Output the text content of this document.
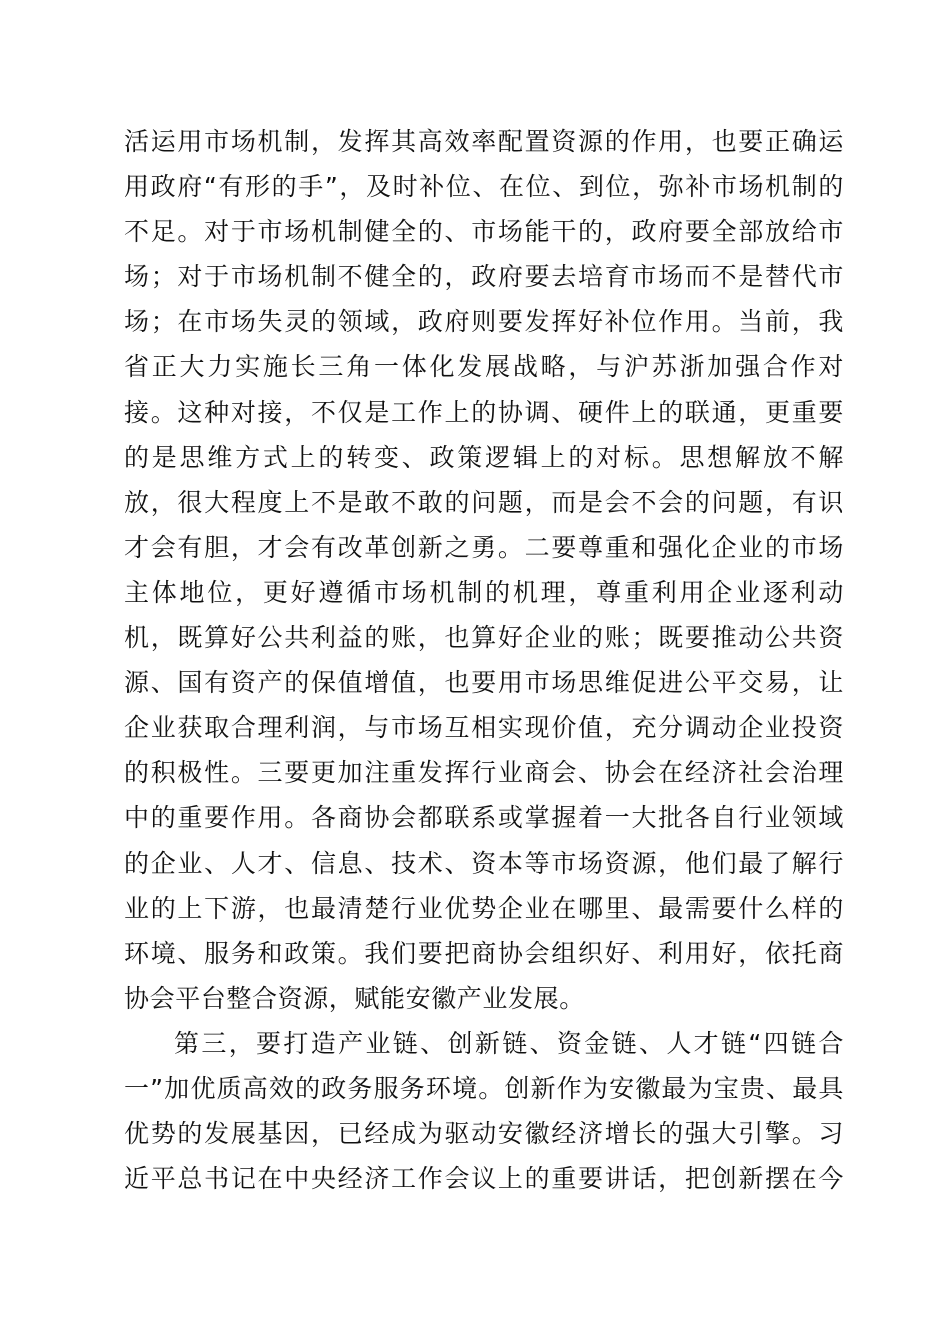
活运用市场机制，发挥其高效率配置资源的作用，也要正确运
用政府“有形的手”，及时补位、在位、到位，弥补市场机制的
不足。对于市场机制健全的、市场能干的，政府要全部放给市
场；对于市场机制不健全的，政府要去培育市场而不是替代市
场；在市场失灵的领域，政府则要发挥好补位作用。当前，我
省正大力实施长三角一体化发展战略，与沪苏浙加强合作对
接。这种对接，不仅是工作上的协调、硬件上的联通，更重要
的是思维方式上的转变、政策逻辑上的对标。思想解放不解
放，很大程度上不是敢不敢的问题，而是会不会的问题，有识
才会有胆，才会有改革创新之勇。二要尊重和强化企业的市场
主体地位，更好遵循市场机制的机理，尊重利用企业逐利动
机，既算好公共利益的账，也算好企业的账；既要推动公共资
源、国有资产的保值增值，也要用市场思维促进公平交易，让
企业获取合理利润，与市场互相实现价值，充分调动企业投资
的积极性。三要更加注重发挥行业商会、协会在经济社会治理
中的重要作用。各商协会都联系或掌握着一大批各自行业领域
的企业、人才、信息、技术、资本等市场资源，他们最了解行
业的上下游，也最清楚行业优势企业在哪里、最需要什么样的
环境、服务和政策。我们要把商协会组织好、利用好，依托商
协会平台整合资源，赋能安徽产业发展。
第三，要打造产业链、创新链、资金链、人才链“四链合
一”加优质高效的政务服务环境。创新作为安徽最为宝贵、最具
优势的发展基因，已经成为驱动安徽经济增长的强大引擎。习
近平总书记在中央经济工作会议上的重要讲话，把创新摆在今
